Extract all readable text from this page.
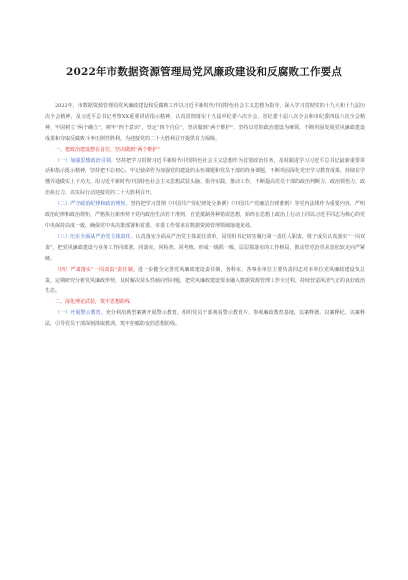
2022年市数据资源管理局党风廉政建设和反腐败工作要点
2022年，市数据资源管理局党风廉政建设和反腐败工作以习近平新时代中国特色社会主义思想为指导，深入学习贯彻党的十九大和十九届历次全会精神，及习近平总书记考察XX重要讲话指示精神，认真贯彻落实十九届中纪委六次全会、省纪委十届八次全会和市纪委四届六次全会精神，牢固树立“两个确立”，树牢“四个意识”，坚定“四个自信”，坚决做到“两个维护”，坚持以党的政治建设为统领，不断巩固发展党风廉政建设成果和夺取反腐败斗争压倒性胜利，为迎接党的二十大胜利召开提供有力保障。
一、把政治建设摆在首位，坚决做到“两个维护”
（一）加强思想政治引领。坚持把学习贯彻习近平新时代中国特色社会主义思想作为首要政治任务，及时跟进学习习近平总书记最新重要讲话和指示批示精神，坚持把不忘初心、牢记使命作为加强党的建设的永恒课题和党员干部的终身课题，不断巩固深化党史学习教育成果，持续在学懂弄通做实上下功夫，用习近平新时代中国特色社会主义思想武装头脑、指导实践、推动工作，不断提高党员干部的政治判断力、政治领悟力、政治执行力，以实际行动迎接党的二十大胜利召开。
（二）严守政治纪律和政治规矩。坚持把学习贯彻《中国共产党纪律处分条例》《中国共产党廉洁自律准则》等党内法规作为重要内容，严明政治纪律和政治规矩，严格执行新形势下党内政治生活若干准则，自觉抵制各种错误思想，始终在思想上政治上行动上同以习近平同志为核心的党中央保持高度一致，确保党中央决策部署和省委、市委工作要求在数据资源管理领域落地见效。
（三）压实全面从严治党主体责任。认真落实全面从严治党主体责任清单，局党组书记切实履行第一责任人职责，班子成员认真落实“一岗双责”，把党风廉政建设与业务工作同部署、同落实、同检查、同考核，形成一级抓一级、层层抓落实的工作格局，推动管党治党从宽松软走向严紧硬。
（四）严肃落实“一岗双责”责任制。进一步健全完善党风廉政建设责任制，各科室、各事业单位主要负责同志对本单位党风廉政建设负总责，定期研究分析党风廉政形势，及时解决苗头性倾向性问题，把党风廉政建设要求融入数据资源管理工作全过程，持续营造风清气正的良好政治生态。
二、深化理论武装，筑牢思想防线
（一）开展警示教育。充分利用典型案例开展警示教育，组织党员干部观看警示教育片、参观廉政教育基地，以案释德、以案释纪、以案释法，引导党员干部深刻汲取教训，筑牢拒腐防变的思想防线。
